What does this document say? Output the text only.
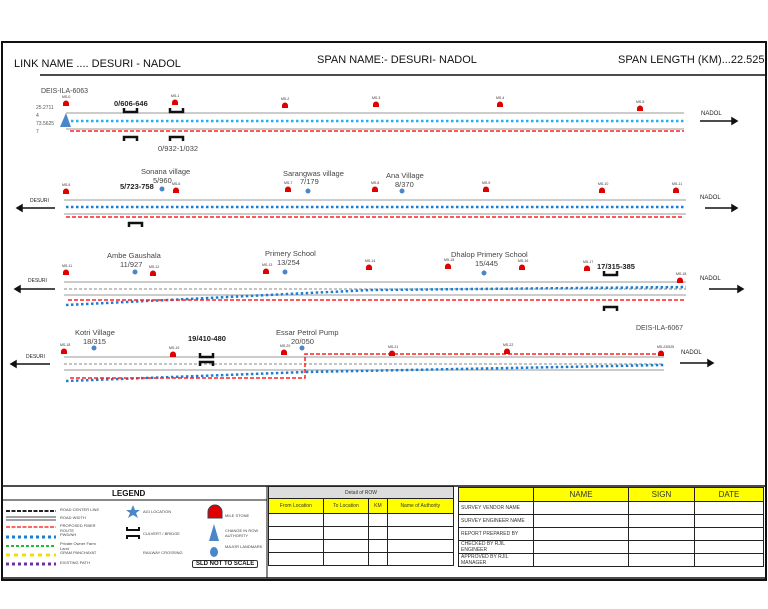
LINK NAME .... DESURI - NADOL	SPAN NAME:- DESURI- NADOL	SPAN LENGTH (KM)...22.525.
DEIS-ILA-6063
DEIS-ILA-6067
25.2711
4
73.5625
7
NADOL
NADOL
NADOL
NADOL
DESURI
DESURI
DESURI
0/606-646
0/932-1/032
5/723-758
17/315-385
19/410-480
Sonana village
5/960
Sarangwas village
7/179
Ana Village
8/370
Ambe Gaushala
11/927
Primery School
13/254
Dhalop Primery School
15/445
Kotri Village
18/315
Essar Petrol Pump
20/050
MS-0	MS-1
MS-2	MS-3	MS-4
MS-5
MS-5	MS-6	MS-7	MS-8	MS-9	MS-10	MS-11
MS-11	MS-12	MS-13
MS-14	MS-15	MS-16	MS-17
MS-18
MS-18
MS-19	MS-20	MS-21	MS-22	MS-23/525
LEGEND
ROAD CENTER LINE
ROAD WIDTH
PROPOSED FIBER ROUTE
PWD/NH
Private Owner Farm Land
GRAM PANCHAYAT
EXISTING PATH
AGI LOCATION
CULVERT / BRIDGE
RAILWAY CROSSING
MILE STONE
CHANGE IN ROW AUTHORITY
MAJOR LANDMARK
SLD NOT TO SCALE
Detail of ROW			
From Location	To Location	KM	Name of Authority

	NAME	SIGN	DATE
SURVEY VENDOR NAME			
SURVEY ENGINEER NAME			
REPORT PREPARED BY			
CHECKED BY RJIL ENGINEER			
APPROVED BY RJIL MANAGER			
